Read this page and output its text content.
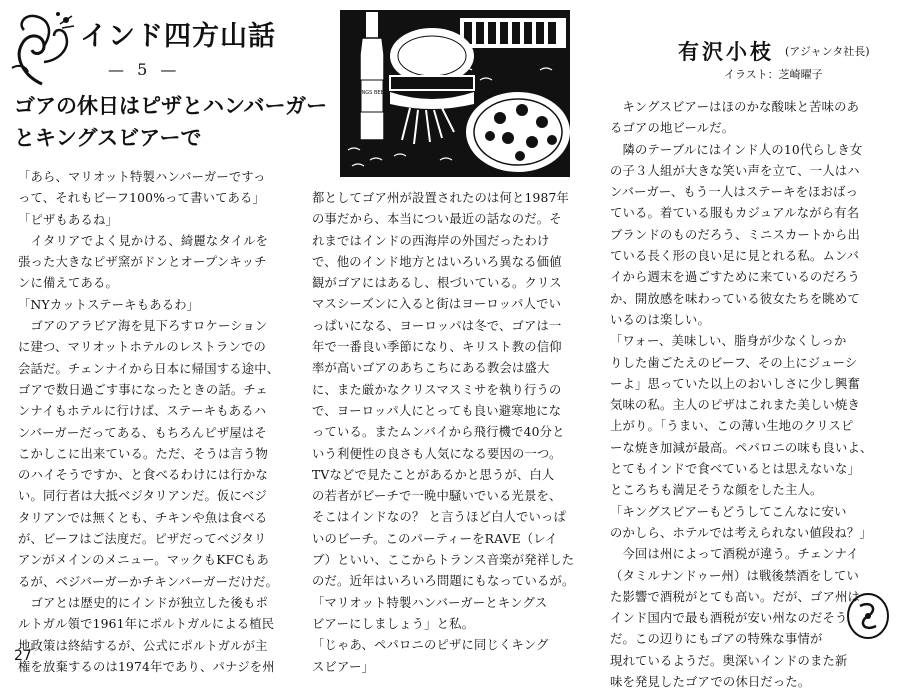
インド四方山話
— 5 —
ゴアの休日はピザとハンバーガー
とキングスビアーで
KINGS BEER
有沢小枝 (アジャンタ社長)
イラスト：芝崎曜子

「あら、マリオット特製ハンバーガーですっ

って、それもビーフ100%って書いてある」

「ピザもあるね」

　イタリアでよく見かける、綺麗なタイルを

張った大きなピザ窯がドンとオープンキッチ

ンに備えてある。

「NYカットステーキもあるわ」

　ゴアのアラビア海を見下ろすロケーション

に建つ、マリオットホテルのレストランでの

会話だ。チェンナイから日本に帰国する途中、

ゴアで数日過ごす事になったときの話。チェ

ンナイもホテルに行けば、ステーキもあるハ

ンバーガーだってある、もちろんピザ屋はそ

こかしこに出来ている。ただ、そうは言う物

のハイそうですか、と食べるわけには行かな

い。同行者は大抵ベジタリアンだ。仮にベジ

タリアンでは無くとも、チキンや魚は食べる

が、ビーフはご法度だ。ピザだってベジタリ

アンがメインのメニュー。マックもKFCもあ

るが、ベジバーガーかチキンバーガーだけだ。

　ゴアとは歴史的にインドが独立した後もポ

ルトガル領で1961年にポルトガルによる植民

地政策は終結するが、公式にポルトガルが主

権を放棄するのは1974年であり、パナジを州

都としてゴア州が設置されたのは何と1987年

の事だから、本当につい最近の話なのだ。そ

れまではインドの西海岸の外国だったわけ

で、他のインド地方とはいろいろ異なる価値

観がゴアにはあるし、根づいている。クリス

マスシーズンに入ると街はヨーロッパ人でい

っぱいになる、ヨーロッパは冬で、ゴアは一

年で一番良い季節になり、キリスト教の信仰

率が高いゴアのあちこちにある教会は盛大

に、また厳かなクリスマスミサを執り行うの

で、ヨーロッパ人にとっても良い避寒地にな

っている。またムンバイから飛行機で40分と

いう利便性の良さも人気になる要因の一つ。

TVなどで見たことがあるかと思うが、白人

の若者がビーチで一晩中騒いでいる光景を、

そこはインドなの？ と言うほど白人でいっぱ

いのビーチ。このパーティーをRAVE（レイ

ブ）といい、ここからトランス音楽が発祥した

のだ。近年はいろいろ問題にもなっているが。

「マリオット特製ハンバーガーとキングス

ビアーにしましょう」と私。

「じゃあ、ペパロニのピザに同じくキング

スビアー」

　キングスビアーはほのかな酸味と苦味のあ

るゴアの地ビールだ。

　隣のテーブルにはインド人の10代らしき女

の子３人組が大きな笑い声を立て、一人はハ

ンバーガー、もう一人はステーキをほおばっ

ている。着ている服もカジュアルながら有名

ブランドのものだろう、ミニスカートから出

ている長く形の良い足に見とれる私。ムンバ

イから週末を過ごすために来ているのだろう

か、開放感を味わっている彼女たちを眺めて

いるのは楽しい。

「ワォー、美味しい、脂身が少なくしっか

りした歯ごたえのビーフ、その上にジューシ

ーよ」思っていた以上のおいしさに少し興奮

気味の私。主人のピザはこれまた美しい焼き

上がり。「うまい、この薄い生地のクリスピ

ーな焼き加減が最高。ペパロニの味も良いよ、

とてもインドで食べているとは思えないな」

ところちも満足そうな顔をした主人。

「キングスビアーもどうしてこんなに安い

のかしら、ホテルでは考えられない値段ね？」

　今回は州によって酒税が違う。チェンナイ

（タミルナンドゥー州）は戦後禁酒をしてい

た影響で酒税がとても高い。だが、ゴア州は

インド国内で最も酒税が安い州なのだそう

だ。この辺りにもゴアの特殊な事情が

現れているようだ。奥深いインドのまた新

味を発見したゴアでの休日だった。

27
